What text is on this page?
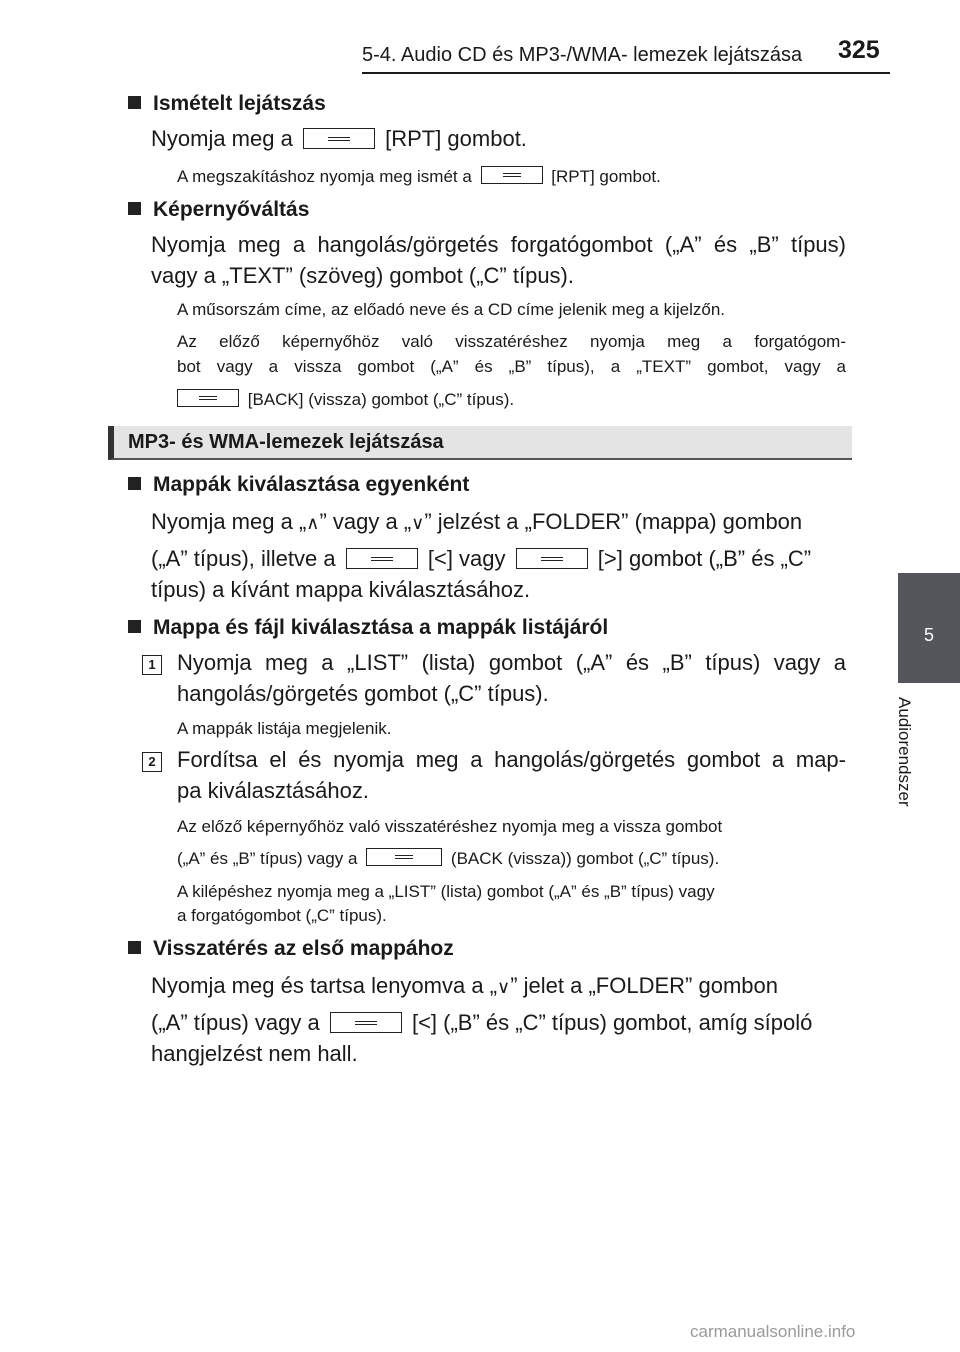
5-4. Audio CD és MP3-/WMA- lemezek lejátszása 325
5
Audiorendszer
Ismételt lejátszás
Nyomja meg a	[RPT] gombot.
A megszakításhoz nyomja meg ismét a	[RPT] gombot.
Képernyőváltás
Nyomja meg a hangolás/görgetés forgatógombot („A” és „B” típus)
vagy a „TEXT” (szöveg) gombot („C” típus).
A műsorszám címe, az előadó neve és a CD címe jelenik meg a kijelzőn.
Az előző képernyőhöz való visszatéréshez nyomja meg a forgatógom-
bot vagy a vissza gombot („A” és „B” típus), a „TEXT” gombot, vagy a
[BACK] (vissza) gombot („C” típus).
MP3- és WMA-lemezek lejátszása
Mappák kiválasztása egyenként
Nyomja meg a „∧” vagy a „∨” jelzést a „FOLDER” (mappa) gombon
(„A” típus), illetve a	[<] vagy	[>] gombot („B” és „C”
típus) a kívánt mappa kiválasztásához.
Mappa és fájl kiválasztása a mappák listájáról
1 Nyomja meg a „LIST” (lista) gombot („A” és „B” típus) vagy a
hangolás/görgetés gombot („C” típus).
A mappák listája megjelenik.
2 Fordítsa el és nyomja meg a hangolás/görgetés gombot a map-
pa kiválasztásához.
Az előző képernyőhöz való visszatéréshez nyomja meg a vissza gombot
(„A” és „B” típus) vagy a	(BACK (vissza)) gombot („C” típus).
A kilépéshez nyomja meg a „LIST” (lista) gombot („A” és „B” típus) vagy
a forgatógombot („C” típus).
Visszatérés az első mappához
Nyomja meg és tartsa lenyomva a „∨” jelet a „FOLDER” gombon
(„A” típus) vagy a	[<] („B” és „C” típus) gombot, amíg sípoló
hangjelzést nem hall.
carmanualsonline.info
